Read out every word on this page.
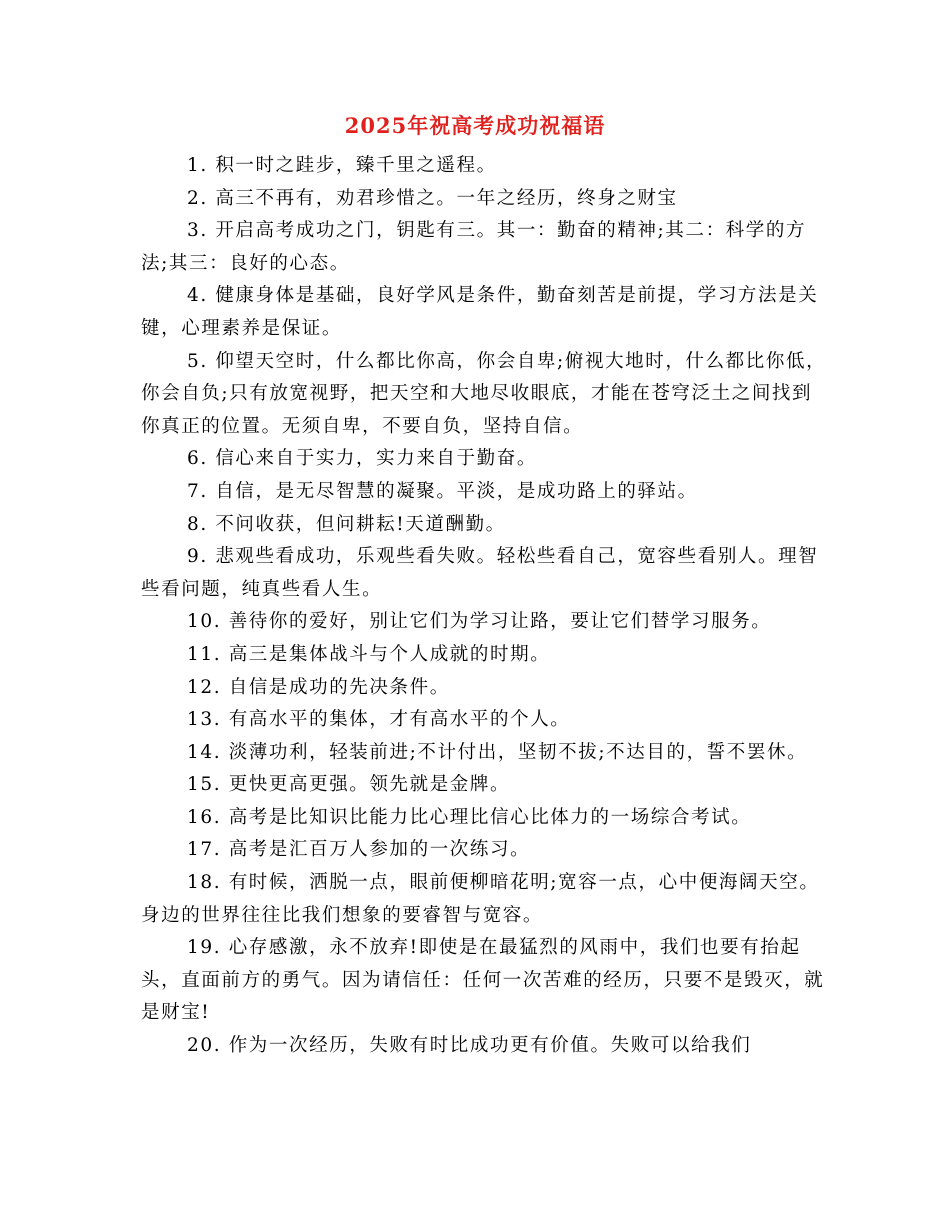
2025年祝高考成功祝福语
1. 积一时之跬步，臻千里之遥程。
2. 高三不再有，劝君珍惜之。一年之经历，终身之财宝
3. 开启高考成功之门，钥匙有三。其一：勤奋的精神;其二：科学的方法;其三：良好的心态。
4. 健康身体是基础，良好学风是条件，勤奋刻苦是前提，学习方法是关键，心理素养是保证。
5. 仰望天空时，什么都比你高，你会自卑;俯视大地时，什么都比你低，你会自负;只有放宽视野，把天空和大地尽收眼底，才能在苍穹泛土之间找到你真正的位置。无须自卑，不要自负，坚持自信。
6. 信心来自于实力，实力来自于勤奋。
7. 自信，是无尽智慧的凝聚。平淡，是成功路上的驿站。
8. 不问收获，但问耕耘!天道酬勤。
9. 悲观些看成功，乐观些看失败。轻松些看自己，宽容些看别人。理智些看问题，纯真些看人生。
10. 善待你的爱好，别让它们为学习让路，要让它们替学习服务。
11. 高三是集体战斗与个人成就的时期。
12. 自信是成功的先决条件。
13. 有高水平的集体，才有高水平的个人。
14. 淡薄功利，轻装前进;不计付出，坚韧不拔;不达目的，誓不罢休。
15. 更快更高更强。领先就是金牌。
16. 高考是比知识比能力比心理比信心比体力的一场综合考试。
17. 高考是汇百万人参加的一次练习。
18. 有时候，洒脱一点，眼前便柳暗花明;宽容一点，心中便海阔天空。身边的世界往往比我们想象的要睿智与宽容。
19. 心存感激，永不放弃!即使是在最猛烈的风雨中，我们也要有抬起头，直面前方的勇气。因为请信任：任何一次苦难的经历，只要不是毁灭，就是财宝!
20. 作为一次经历，失败有时比成功更有价值。失败可以给我们
